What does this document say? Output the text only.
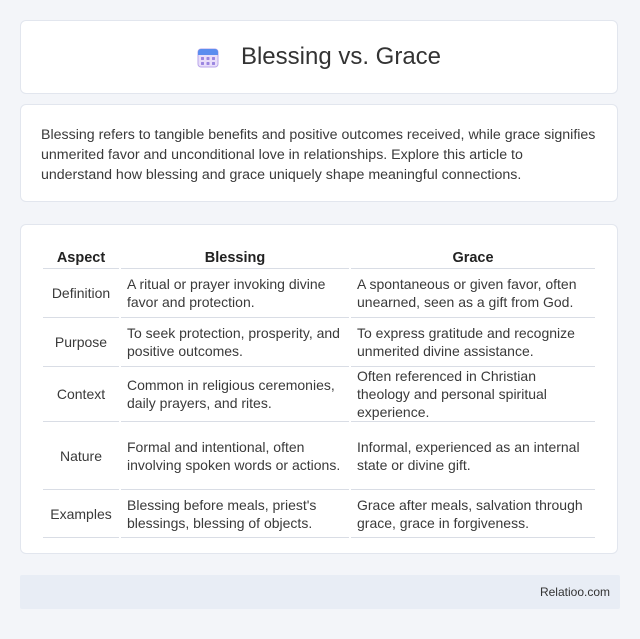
Blessing vs. Grace

Blessing refers to tangible benefits and positive outcomes received, while grace signifies unmerited favor and unconditional love in relationships. Explore this article to understand how blessing and grace uniquely shape meaningful connections.

Aspect	Blessing	Grace
Definition	A ritual or prayer invoking divine favor and protection.	A spontaneous or given favor, often unearned, seen as a gift from God.
Purpose	To seek protection, prosperity, and positive outcomes.	To express gratitude and recognize unmerited divine assistance.
Context	Common in religious ceremonies, daily prayers, and rites.	Often referenced in Christian theology and personal spiritual experience.
Nature	Formal and intentional, often involving spoken words or actions.	Informal, experienced as an internal state or divine gift.
Examples	Blessing before meals, priest's blessings, blessing of objects.	Grace after meals, salvation through grace, grace in forgiveness.
Relatioo.com
